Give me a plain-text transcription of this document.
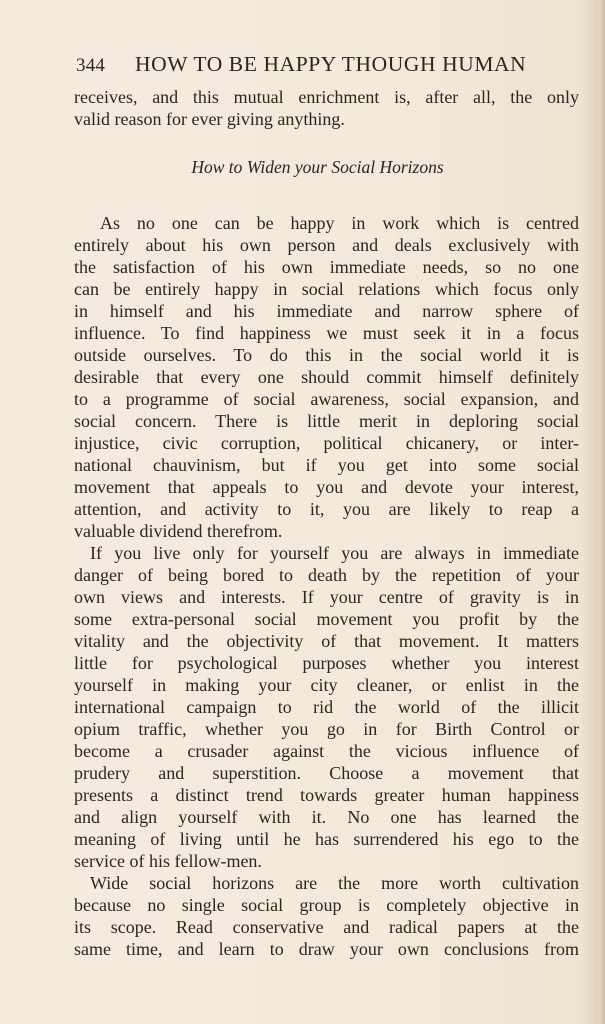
344 HOW TO BE HAPPY THOUGH HUMAN
How to Widen your Social Horizons
receives, and this mutual enrichment is, after all, the only
valid reason for ever giving anything.
As no one can be happy in work which is centred
entirely about his own person and deals exclusively with
the satisfaction of his own immediate needs, so no one
can be entirely happy in social relations which focus only
in himself and his immediate and narrow sphere of
influence. To find happiness we must seek it in a focus
outside ourselves. To do this in the social world it is
desirable that every one should commit himself definitely
to a programme of social awareness, social expansion, and
social concern. There is little merit in deploring social
injustice, civic corruption, political chicanery, or inter-
national chauvinism, but if you get into some social
movement that appeals to you and devote your interest,
attention, and activity to it, you are likely to reap a
valuable dividend therefrom.
If you live only for yourself you are always in immediate
danger of being bored to death by the repetition of your
own views and interests. If your centre of gravity is in
some extra-personal social movement you profit by the
vitality and the objectivity of that movement. It matters
little for psychological purposes whether you interest
yourself in making your city cleaner, or enlist in the
international campaign to rid the world of the illicit
opium traffic, whether you go in for Birth Control or
become a crusader against the vicious influence of
prudery and superstition. Choose a movement that
presents a distinct trend towards greater human happiness
and align yourself with it. No one has learned the
meaning of living until he has surrendered his ego to the
service of his fellow-men.
Wide social horizons are the more worth cultivation
because no single social group is completely objective in
its scope. Read conservative and radical papers at the
same time, and learn to draw your own conclusions from
